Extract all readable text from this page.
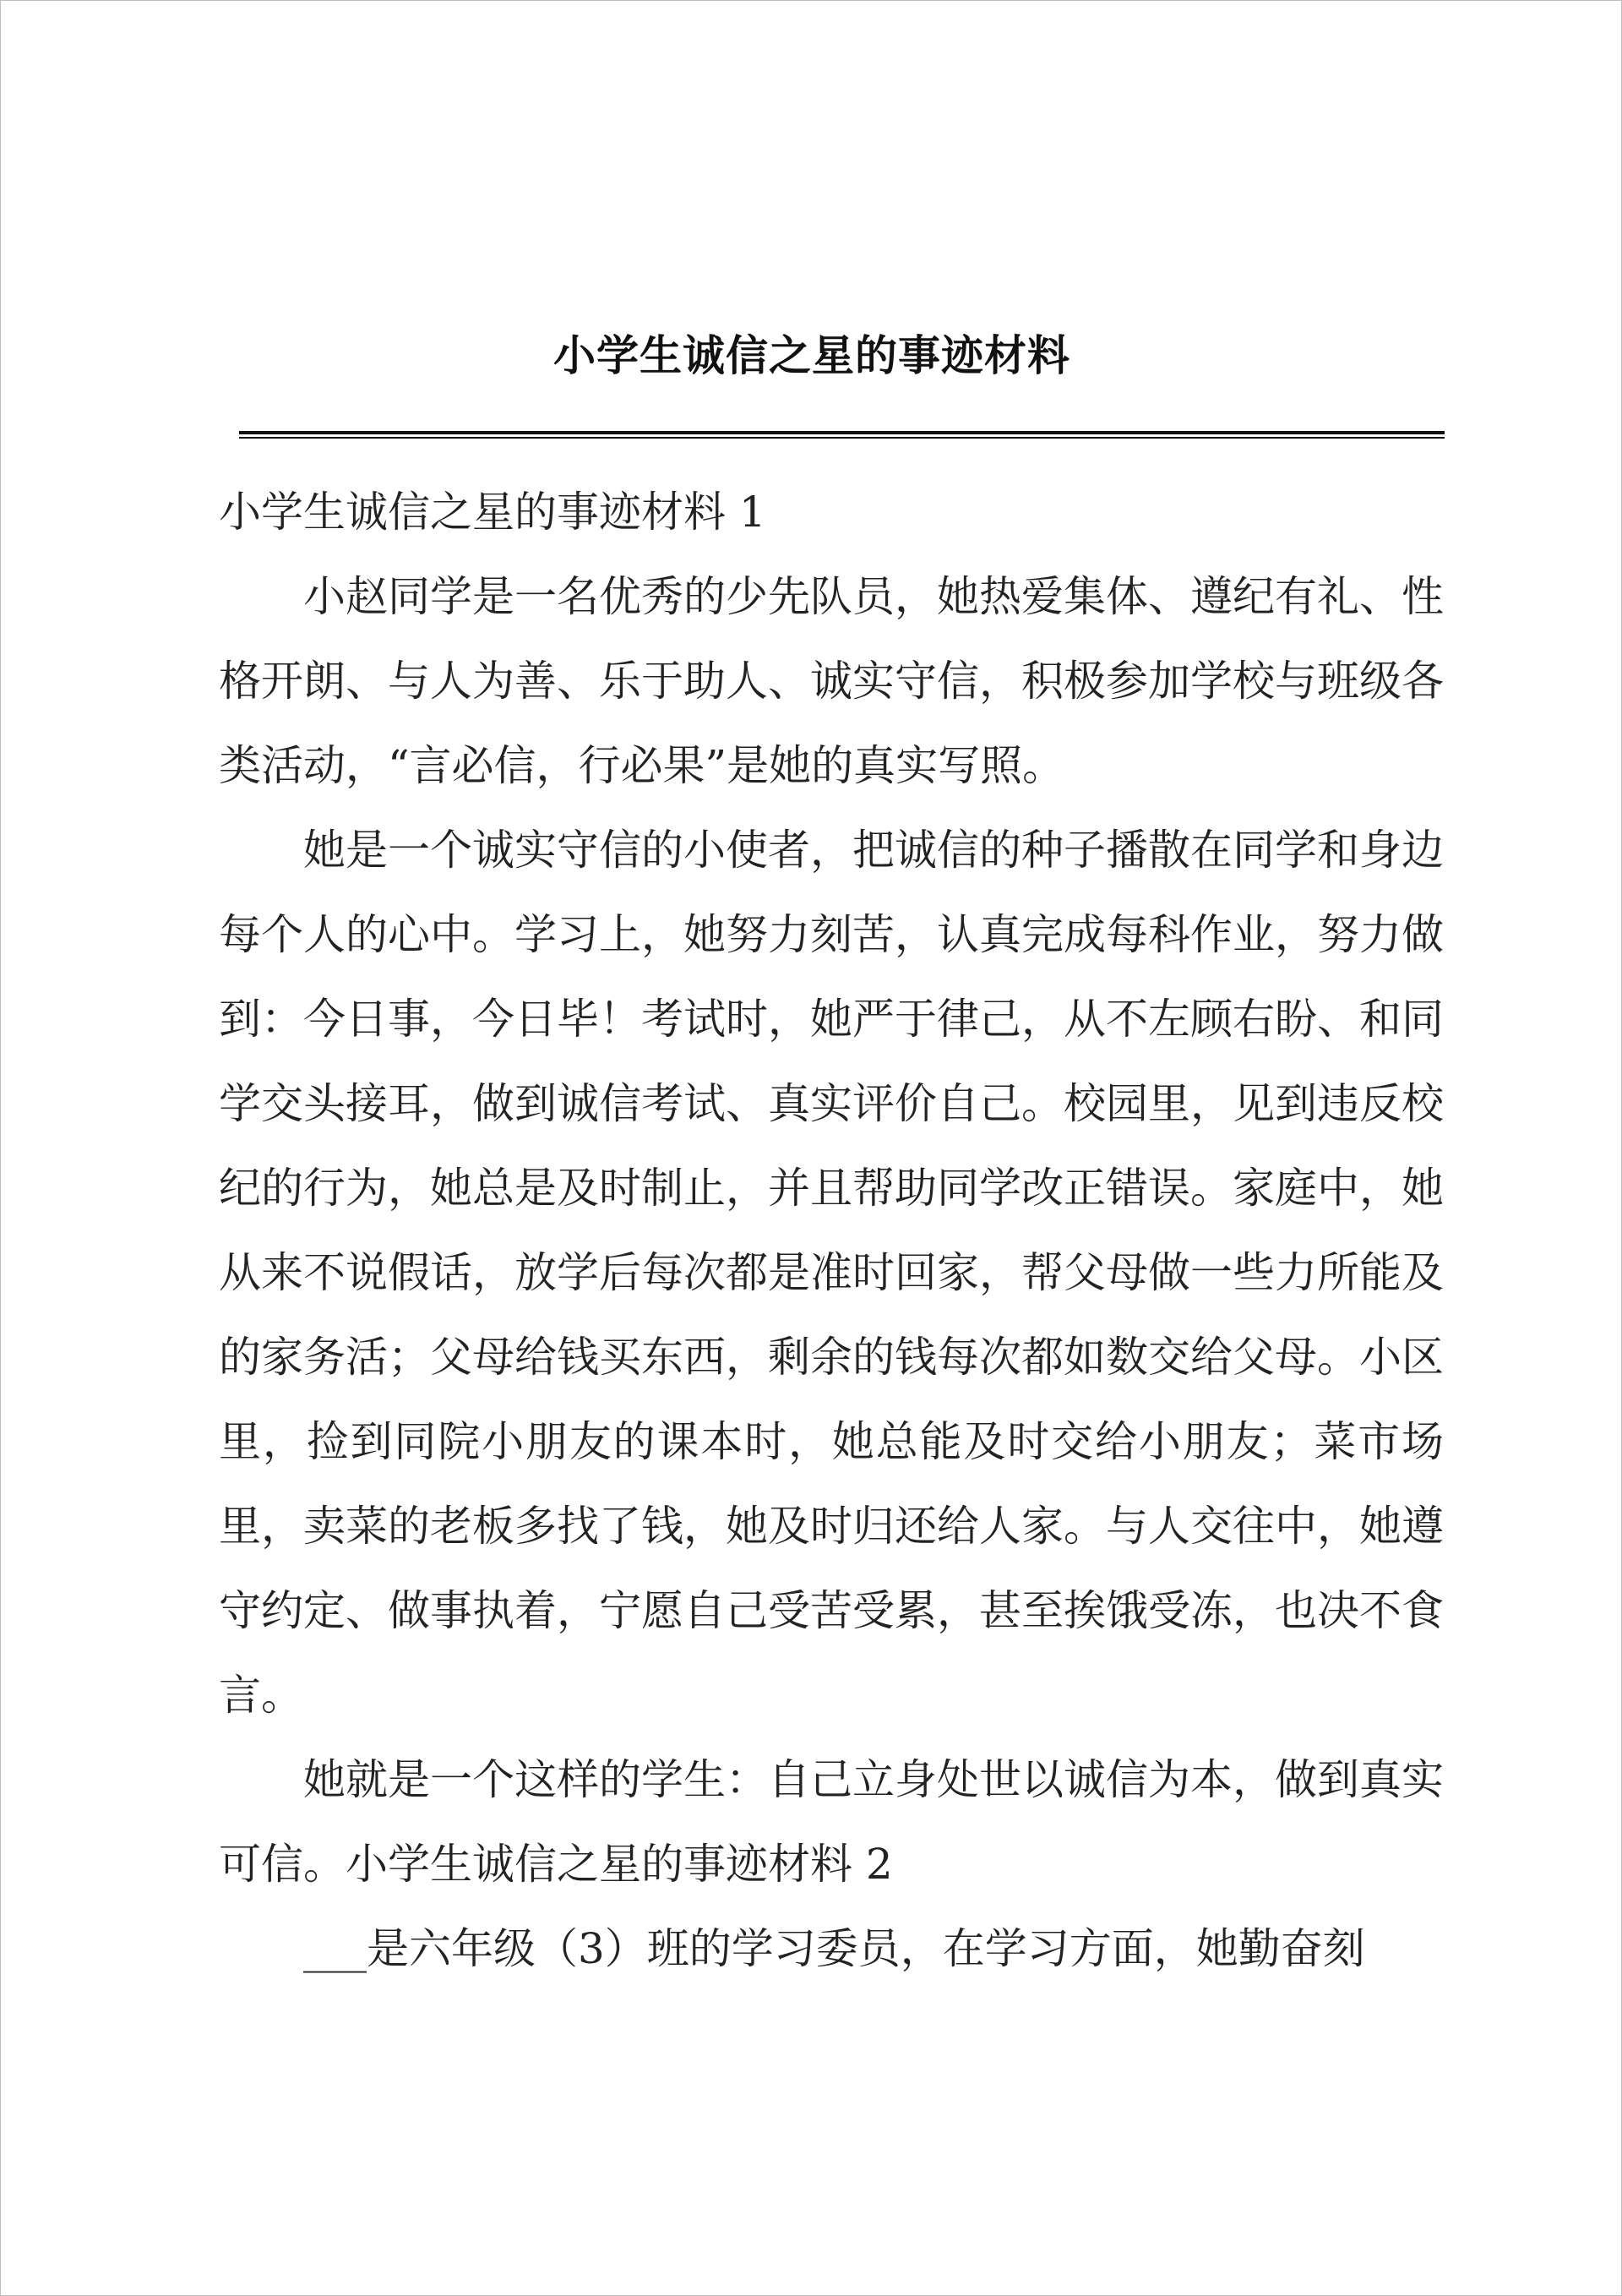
小学生诚信之星的事迹材料

小学生诚信之星的事迹材料 1

小赵同学是一名优秀的少先队员，她热爱集体、遵纪有礼、性格开朗、与人为善、乐于助人、诚实守信，积极参加学校与班级各类活动，“言必信，行必果”是她的真实写照。

她是一个诚实守信的小使者，把诚信的种子播散在同学和身边每个人的心中。学习上，她努力刻苦，认真完成每科作业，努力做到：今日事，今日毕！考试时，她严于律己，从不左顾右盼、和同学交头接耳，做到诚信考试、真实评价自己。校园里，见到违反校纪的行为，她总是及时制止，并且帮助同学改正错误。家庭中，她从来不说假话，放学后每次都是准时回家，帮父母做一些力所能及的家务活；父母给钱买东西，剩余的钱每次都如数交给父母。小区里，捡到同院小朋友的课本时，她总能及时交给小朋友；菜市场里，卖菜的老板多找了钱，她及时归还给人家。与人交往中，她遵守约定、做事执着，宁愿自己受苦受累，甚至挨饿受冻，也决不食言。

她就是一个这样的学生：自己立身处世以诚信为本，做到真实可信。小学生诚信之星的事迹材料 2

___是六年级（3）班的学习委员，在学习方面，她勤奋刻
